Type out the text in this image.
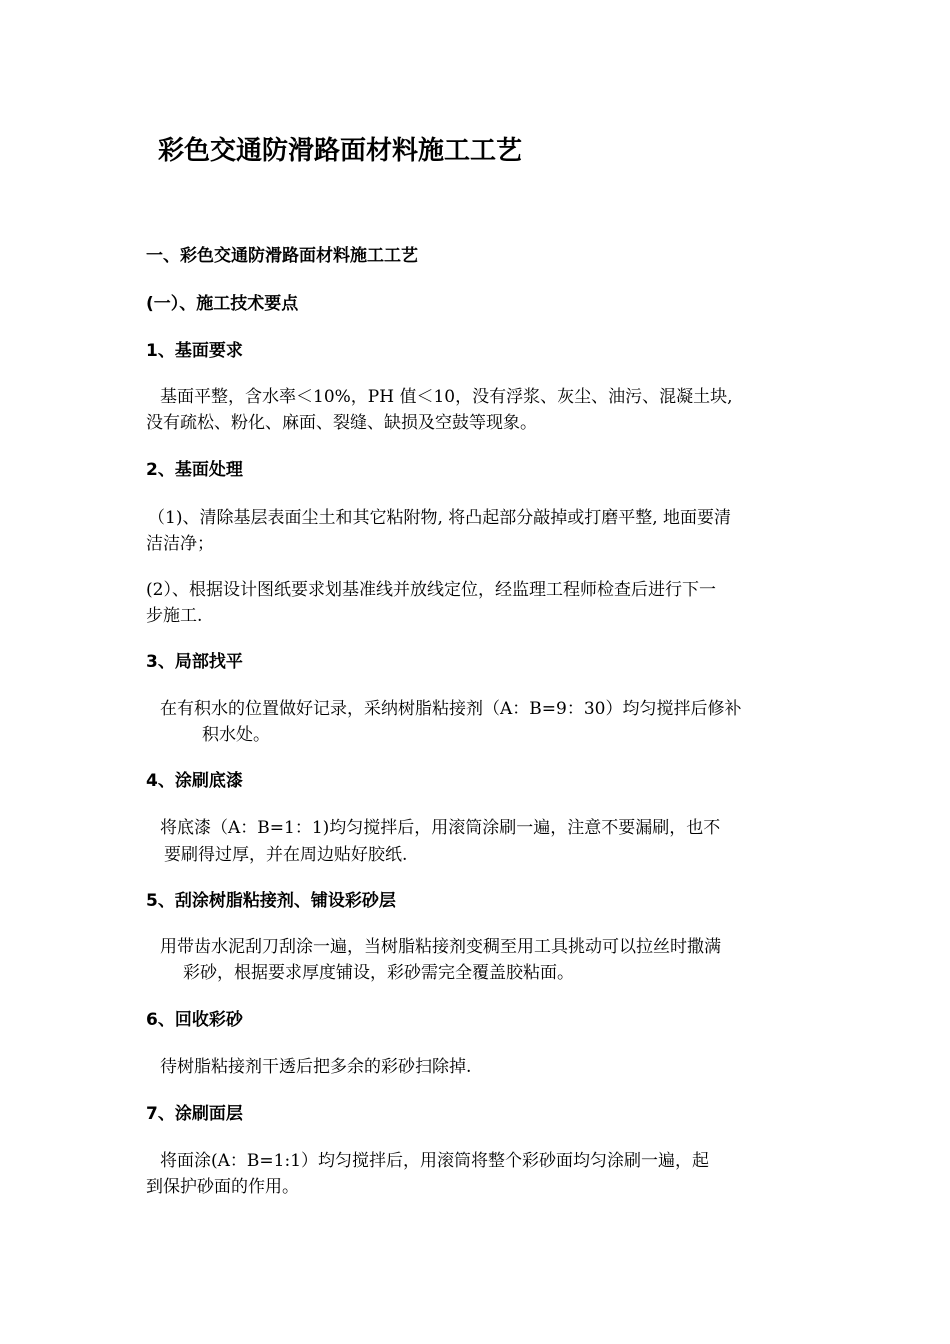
彩色交通防滑路面材料施工工艺
一、彩色交通防滑路面材料施工工艺
(一）、施工技术要点
1、基面要求
基面平整，含水率＜10%，PH 值＜10，没有浮浆、灰尘、油污、混凝土块,
没有疏松、粉化、麻面、裂缝、缺损及空鼓等现象。
2、基面处理
（1)、清除基层表面尘土和其它粘附物, 将凸起部分敲掉或打磨平整, 地面要清
洁洁净；
(2）、根据设计图纸要求划基准线并放线定位，经监理工程师检查后进行下一
步施工.
3、局部找平
在有积水的位置做好记录，采纳树脂粘接剂（A：B=9：30）均匀搅拌后修补
积水处。
4、涂刷底漆
将底漆（A：B=1：1)均匀搅拌后，用滚筒涂刷一遍，注意不要漏刷，也不
要刷得过厚，并在周边贴好胶纸.
5、刮涂树脂粘接剂、铺设彩砂层
用带齿水泥刮刀刮涂一遍，当树脂粘接剂变稠至用工具挑动可以拉丝时撒满
彩砂，根据要求厚度铺设，彩砂需完全覆盖胶粘面。
6、回收彩砂
待树脂粘接剂干透后把多余的彩砂扫除掉.
7、涂刷面层
将面涂(A：B=1:1）均匀搅拌后，用滚筒将整个彩砂面均匀涂刷一遍，起
到保护砂面的作用。
